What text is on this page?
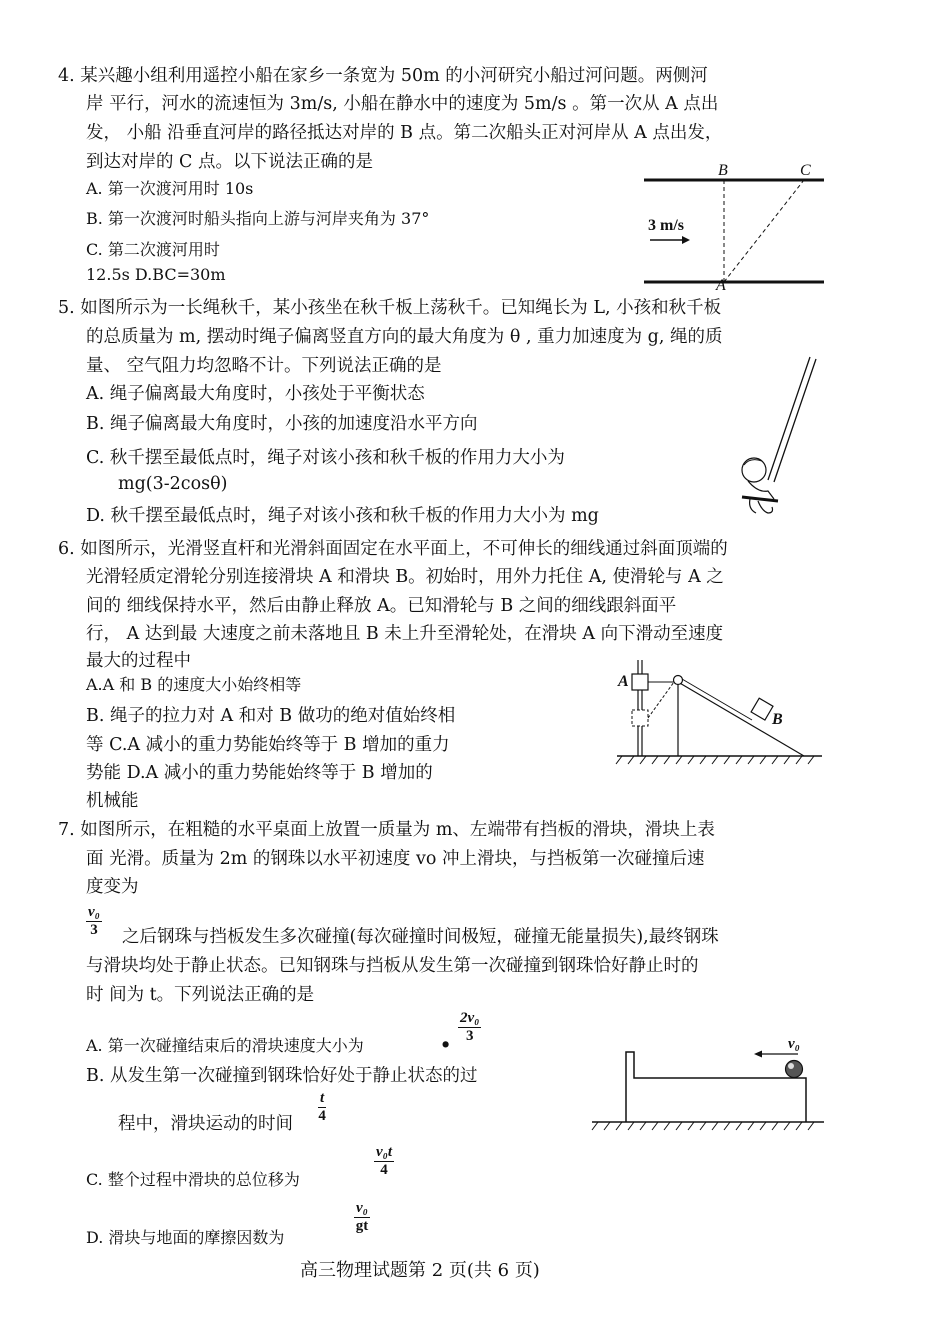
4. 某兴趣小组利用遥控小船在家乡一条宽为 50m 的小河研究小船过河问题。两侧河
岸 平行，河水的流速恒为 3m/s, 小船在静水中的速度为 5m/s 。第一次从 A 点出
发， 小船 沿垂直河岸的路径抵达对岸的 B 点。第二次船头正对河岸从 A 点出发，
到达对岸的 C 点。以下说法正确的是
A. 第一次渡河用时 10s
B. 第一次渡河时船头指向上游与河岸夹角为 37°
C. 第二次渡河用时
12.5s D.BC=30m
B	C
A
3 m/s
5. 如图所示为一长绳秋千，某小孩坐在秋千板上荡秋千。已知绳长为 L, 小孩和秋千板
的总质量为 m, 摆动时绳子偏离竖直方向的最大角度为 θ , 重力加速度为 g, 绳的质
量、 空气阻力均忽略不计。下列说法正确的是
A. 绳子偏离最大角度时，小孩处于平衡状态
B. 绳子偏离最大角度时，小孩的加速度沿水平方向
C. 秋千摆至最低点时，绳子对该小孩和秋千板的作用力大小为
mg(3-2cosθ)
D. 秋千摆至最低点时，绳子对该小孩和秋千板的作用力大小为 mg
6. 如图所示，光滑竖直杆和光滑斜面固定在水平面上，不可伸长的细线通过斜面顶端的
光滑轻质定滑轮分别连接滑块 A 和滑块 B。初始时，用外力托住 A, 使滑轮与 A 之
间的 细线保持水平，然后由静止释放 A。已知滑轮与 B 之间的细线跟斜面平
行， A 达到最 大速度之前未落地且 B 未上升至滑轮处，在滑块 A 向下滑动至速度
最大的过程中
A.A 和 B 的速度大小始终相等
B. 绳子的拉力对 A 和对 B 做功的绝对值始终相
等 C.A 减小的重力势能始终等于 B 增加的重力
势能 D.A 减小的重力势能始终等于 B 增加的
机械能
A
B
7. 如图所示，在粗糙的水平桌面上放置一质量为 m、左端带有挡板的滑块，滑块上表
面 光滑。质量为 2m 的钢珠以水平初速度 vo 冲上滑块，与挡板第一次碰撞后速
度变为
$\frac{\text{v₀}}{3}$ 之后钢珠与挡板发生多次碰撞(每次碰撞时间极短，碰撞无能量损失),最终钢珠
与滑块均处于静止状态。已知钢珠与挡板从发生第一次碰撞到钢珠恰好静止时的
时 间为 t。下列说法正确的是
A. 第一次碰撞结束后的滑块速度大小为	•
$\frac{\text{2v₀}}{3}$
B. 从发生第一次碰撞到钢珠恰好处于静止状态的过
程中，滑块运动的时间 $\frac{t}{4}$
C. 整个过程中滑块的总位移为
$\frac{\text{v₀t}}{4}$
D. 滑块与地面的摩擦因数为
$\frac{\text{v₀}}{gt}$
v₀
高三物理试题第 2 页(共 6 页)
